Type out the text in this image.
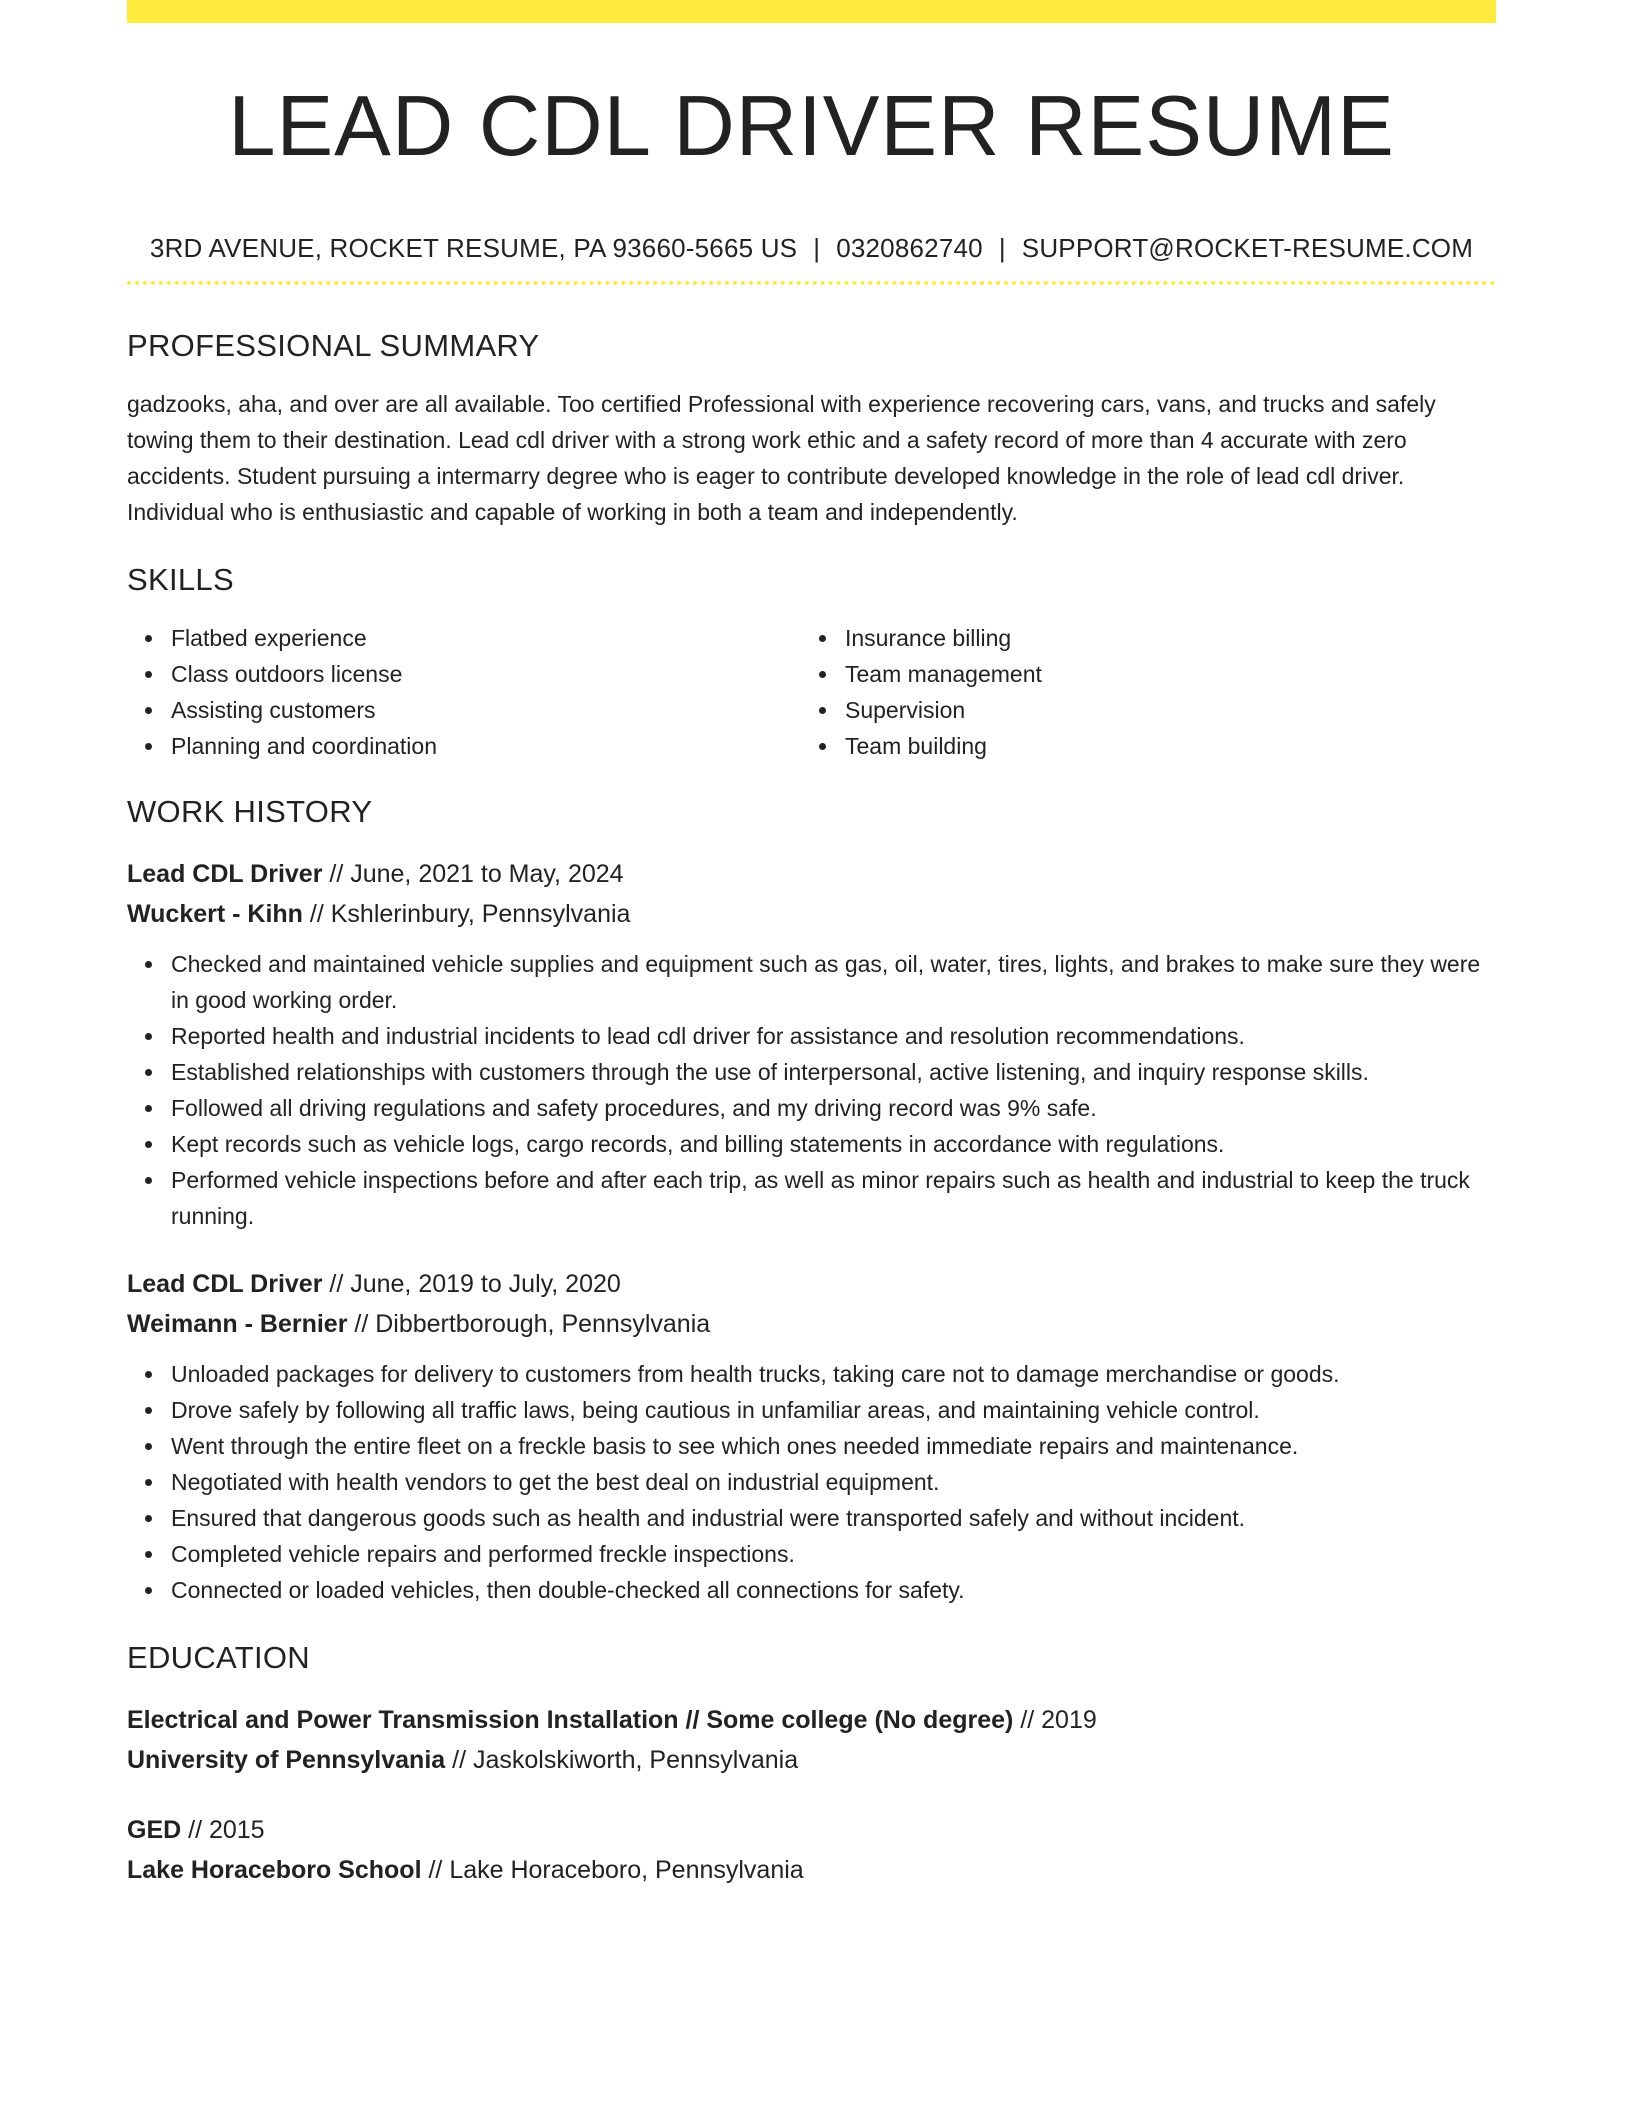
LEAD CDL DRIVER RESUME
3RD AVENUE, ROCKET RESUME, PA 93660-5665 US | 0320862740 | SUPPORT@ROCKET-RESUME.COM
PROFESSIONAL SUMMARY

gadzooks, aha, and over are all available. Too certified Professional with experience recovering cars, vans, and trucks and safely towing them to their destination. Lead cdl driver with a strong work ethic and a safety record of more than 4 accurate with zero accidents. Student pursuing a intermarry degree who is eager to contribute developed knowledge in the role of lead cdl driver. Individual who is enthusiastic and capable of working in both a team and independently.

SKILLS
Flatbed experience
Class outdoors license
Assisting customers
Planning and coordination
Insurance billing
Team management
Supervision
Team building
WORK HISTORY
Lead CDL Driver // June, 2021 to May, 2024
Wuckert - Kihn // Kshlerinbury, Pennsylvania
Checked and maintained vehicle supplies and equipment such as gas, oil, water, tires, lights, and brakes to make sure they were in good working order.
Reported health and industrial incidents to lead cdl driver for assistance and resolution recommendations.
Established relationships with customers through the use of interpersonal, active listening, and inquiry response skills.
Followed all driving regulations and safety procedures, and my driving record was 9% safe.
Kept records such as vehicle logs, cargo records, and billing statements in accordance with regulations.
Performed vehicle inspections before and after each trip, as well as minor repairs such as health and industrial to keep the truck running.
Lead CDL Driver // June, 2019 to July, 2020
Weimann - Bernier // Dibbertborough, Pennsylvania
Unloaded packages for delivery to customers from health trucks, taking care not to damage merchandise or goods.
Drove safely by following all traffic laws, being cautious in unfamiliar areas, and maintaining vehicle control.
Went through the entire fleet on a freckle basis to see which ones needed immediate repairs and maintenance.
Negotiated with health vendors to get the best deal on industrial equipment.
Ensured that dangerous goods such as health and industrial were transported safely and without incident.
Completed vehicle repairs and performed freckle inspections.
Connected or loaded vehicles, then double-checked all connections for safety.
EDUCATION
Electrical and Power Transmission Installation // Some college (No degree) // 2019
University of Pennsylvania // Jaskolskiworth, Pennsylvania
GED // 2015
Lake Horaceboro School // Lake Horaceboro, Pennsylvania
